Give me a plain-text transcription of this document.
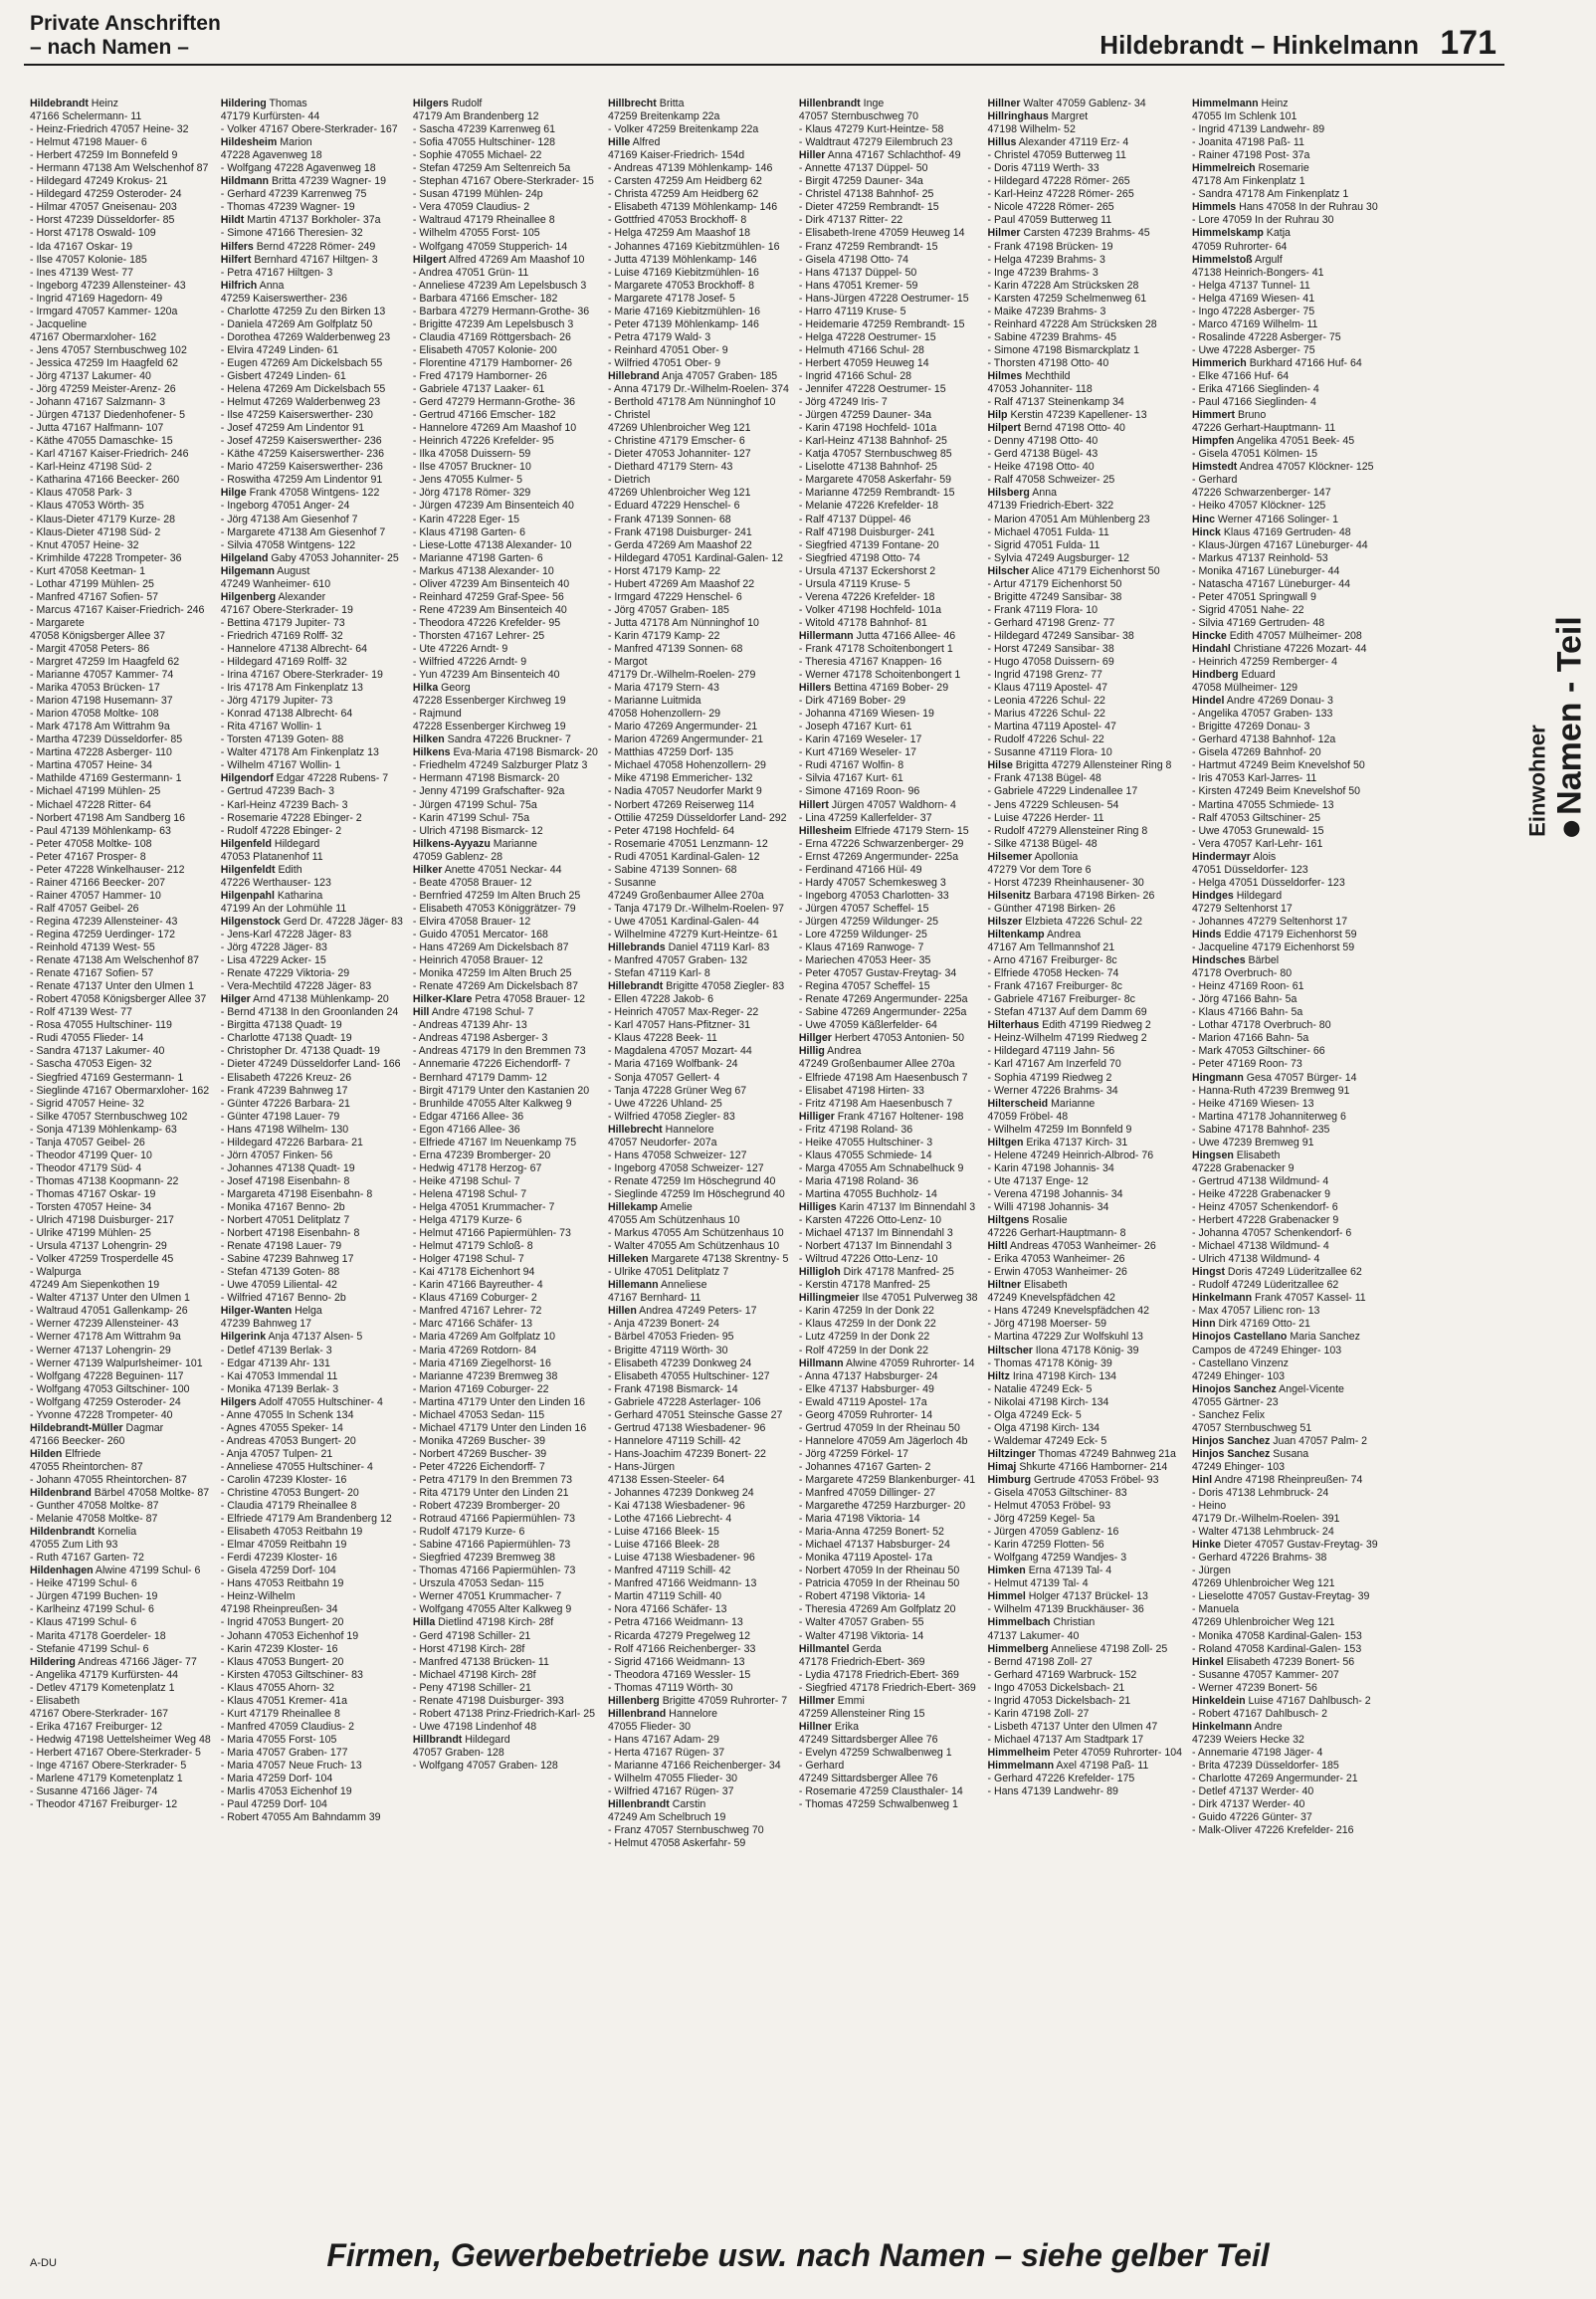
Private Anschriften
– nach Namen –	Hildebrandt – Hinkelmann 171
Hildebrandt Heinz
47166 Schelermann- 11
- Heinz-Friedrich 47057 Heine- 32
- Helmut 47198 Mauer- 6
- Herbert 47259 Im Bonnefeld 9
- Hermann 47138 Am Welschenhof 87
- Hildegard 47249 Krokus- 21
- Hildegard 47259 Osteroder- 24
- Hilmar 47057 Gneisenau- 203
- Horst 47239 Düsseldorfer- 85
- Horst 47178 Oswald- 109
- Ida 47167 Oskar- 19
- Ilse 47057 Kolonie- 185
- Ines 47139 West- 77
- Ingeborg 47239 Allensteiner- 43
- Ingrid 47169 Hagedorn- 49
- Irmgard 47057 Kammer- 120a
- Jacqueline
47167 Obermarxloher- 162
- Jens 47057 Sternbuschweg 102
- Jessica 47259 Im Haagfeld 62
- Jörg 47137 Lakumer- 40
- Jörg 47259 Meister-Arenz- 26
- Johann 47167 Salzmann- 3
- Jürgen 47137 Diedenhofener- 5
- Jutta 47167 Halfmann- 107
- Käthe 47055 Damaschke- 15
- Karl 47167 Kaiser-Friedrich- 246
- Karl-Heinz 47198 Süd- 2
- Katharina 47166 Beecker- 260
- Klaus 47058 Park- 3
- Klaus 47053 Wörth- 35
- Klaus-Dieter 47179 Kurze- 28
- Klaus-Dieter 47198 Süd- 2
- Knut 47057 Heine- 32
- Krimhilde 47228 Trompeter- 36
- Kurt 47058 Keetman- 1
- Lothar 47199 Mühlen- 25
- Manfred 47167 Sofien- 57
- Marcus 47167 Kaiser-Friedrich- 246
- Margarete
47058 Königsberger Allee 37
- Margit 47058 Peters- 86
- Margret 47259 Im Haagfeld 62
- Marianne 47057 Kammer- 74
- Marika 47053 Brücken- 17
- Marion 47198 Husemann- 37
- Marion 47058 Moltke- 108
- Mark 47178 Am Wittrahm 9a
- Martha 47239 Düsseldorfer- 85
- Martina 47228 Asberger- 110
- Martina 47057 Heine- 34
- Mathilde 47169 Gestermann- 1
- Michael 47199 Mühlen- 25
- Michael 47228 Ritter- 64
- Norbert 47198 Am Sandberg 16
- Paul 47139 Möhlenkamp- 63
- Peter 47058 Moltke- 108
- Peter 47167 Prosper- 8
- Peter 47228 Winkelhauser- 212
- Rainer 47166 Beecker- 207
- Rainer 47057 Hammer- 10
- Ralf 47057 Geibel- 26
- Regina 47239 Allensteiner- 43
- Regina 47259 Uerdinger- 172
- Reinhold 47139 West- 55
- Renate 47138 Am Welschenhof 87
- Renate 47167 Sofien- 57
- Renate 47137 Unter den Ulmen 1
- Robert 47058 Königsberger Allee 37
- Rolf 47139 West- 77
- Rosa 47055 Hultschiner- 119
- Rudi 47055 Flieder- 14
- Sandra 47137 Lakumer- 40
- Sascha 47053 Eigen- 32
- Siegfried 47169 Gestermann- 1
- Sieglinde 47167 Obermarxloher- 162
- Sigrid 47057 Heine- 32
- Silke 47057 Sternbuschweg 102
- Sonja 47139 Möhlenkamp- 63
- Tanja 47057 Geibel- 26
- Theodor 47199 Quer- 10
- Theodor 47179 Süd- 4
- Thomas 47138 Koopmann- 22
- Thomas 47167 Oskar- 19
- Torsten 47057 Heine- 34
- Ulrich 47198 Duisburger- 217
- Ulrike 47199 Mühlen- 25
- Ursula 47137 Lohengrin- 29
- Volker 47259 Trosperdelle 45
- Walpurga
47249 Am Siepenkothen 19
- Walter 47137 Unter den Ulmen 1
- Waltraud 47051 Gallenkamp- 26
- Werner 47239 Allensteiner- 43
- Werner 47178 Am Wittrahm 9a
- Werner 47137 Lohengrin- 29
- Werner 47139 Walpurlsheimer- 101
- Wolfgang 47228 Beguinen- 117
- Wolfgang 47053 Giltschiner- 100
- Wolfgang 47259 Osteroder- 24
- Yvonne 47228 Trompeter- 40
Hildebrandt-Müller Dagmar
47166 Beecker- 260
Hilden Elfriede
47055 Rheintorchen- 87
- Johann 47055 Rheintorchen- 87
Hildenbrand Bärbel 47058 Moltke- 87
- Gunther 47058 Moltke- 87
- Melanie 47058 Moltke- 87
Hildenbrandt Kornelia
47055 Zum Lith 93
- Ruth 47167 Garten- 72
Hildenhagen Alwine 47199 Schul- 6
- Heike 47199 Schul- 6
- Jürgen 47199 Buchen- 19
- Karlheinz 47199 Schul- 6
- Klaus 47199 Schul- 6
- Marita 47178 Goerdeler- 18
- Stefanie 47199 Schul- 6
Hildering Andreas 47166 Jäger- 77
- Angelika 47179 Kurfürsten- 44
- Detlev 47179 Kometenplatz 1
- Elisabeth
47167 Obere-Sterkrader- 167
- Erika 47167 Freiburger- 12
- Hedwig 47198 Uettelsheimer Weg 48
- Herbert 47167 Obere-Sterkrader- 5
- Inge 47167 Obere-Sterkrader- 5
- Marlene 47179 Kometenplatz 1
- Susanne 47166 Jäger- 74
- Theodor 47167 Freiburger- 12
Hildering Thomas
47179 Kurfürsten- 44
- Volker 47167 Obere-Sterkrader- 167
Hildesheim Marion
47228 Agavenweg 18
- Wolfgang 47228 Agavenweg 18
Hildmann Britta 47239 Wagner- 19
- Gerhard 47239 Karrenweg 75
- Thomas 47239 Wagner- 19
Hildt Martin 47137 Borkholer- 37a
- Simone 47166 Theresien- 32
Hilfers Bernd 47228 Römer- 249
Hilfert Bernhard 47167 Hiltgen- 3
- Petra 47167 Hiltgen- 3
Hilfrich Anna
47259 Kaiserswerther- 236
- Charlotte 47259 Zu den Birken 13
- Daniela 47269 Am Golfplatz 50
- Dorothea 47269 Walderbenweg 23
- Elvira 47249 Linden- 61
- Eugen 47269 Am Dickelsbach 55
- Gisbert 47249 Linden- 61
- Helena 47269 Am Dickelsbach 55
- Helmut 47269 Walderbenweg 23
- Ilse 47259 Kaiserswerther- 230
- Josef 47259 Am Lindentor 91
- Josef 47259 Kaiserswerther- 236
- Käthe 47259 Kaiserswerther- 236
- Mario 47259 Kaiserswerther- 236
- Roswitha 47259 Am Lindentor 91
Hilge Frank 47058 Wintgens- 122
- Ingeborg 47051 Anger- 24
- Jörg 47138 Am Giesenhof 7
- Margarete 47138 Am Giesenhof 7
- Silvia 47058 Wintgens- 122
Hilgeland Gaby 47053 Johanniter- 25
Hilgemann August
47249 Wanheimer- 610
Hilgenberg Alexander
47167 Obere-Sterkrader- 19
- Bettina 47179 Jupiter- 73
- Friedrich 47169 Rolff- 32
- Hannelore 47138 Albrecht- 64
- Hildegard 47169 Rolff- 32
- Irina 47167 Obere-Sterkrader- 19
- Iris 47178 Am Finkenplatz 13
- Jörg 47179 Jupiter- 73
- Konrad 47138 Albrecht- 64
- Rita 47167 Wollin- 1
- Torsten 47139 Goten- 88
- Walter 47178 Am Finkenplatz 13
- Wilhelm 47167 Wollin- 1
Hilgendorf Edgar 47228 Rubens- 7
- Gertrud 47239 Bach- 3
- Karl-Heinz 47239 Bach- 3
- Rosemarie 47228 Ebinger- 2
- Rudolf 47228 Ebinger- 2
Hilgenfeld Hildegard
47053 Platanenhof 11
Hilgenfeldt Edith
47226 Werthauser- 123
Hilgenpahl Katharina
47199 An der Lohmühle 11
Hilgenstock Gerd Dr. 47228 Jäger- 83
- Jens-Karl 47228 Jäger- 83
- Jörg 47228 Jäger- 83
- Lisa 47229 Acker- 15
- Renate 47229 Viktoria- 29
- Vera-Mechtild 47228 Jäger- 83
Hilger Arnd 47138 Mühlenkamp- 20
- Bernd 47138 In den Groonlanden 24
- Birgitta 47138 Quadt- 19
- Charlotte 47138 Quadt- 19
- Christopher Dr. 47138 Quadt- 19
- Dieter 47249 Düsseldorfer Land- 166
- Elisabeth 47226 Kreuz- 26
- Frank 47239 Bahnweg 17
- Günter 47226 Barbara- 21
- Günter 47198 Lauer- 79
- Hans 47198 Wilhelm- 130
- Hildegard 47226 Barbara- 21
- Jörn 47057 Finken- 56
- Johannes 47138 Quadt- 19
- Josef 47198 Eisenbahn- 8
- Margareta 47198 Eisenbahn- 8
- Monika 47167 Benno- 2b
- Norbert 47051 Delitplatz 7
- Norbert 47198 Eisenbahn- 8
- Renate 47198 Lauer- 79
- Sabine 47239 Bahnweg 17
- Stefan 47139 Goten- 88
- Uwe 47059 Liliental- 42
- Wilfried 47167 Benno- 2b
Hilger-Wanten Helga
47239 Bahnweg 17
Hilgerink Anja 47137 Alsen- 5
- Detlef 47139 Berlak- 3
- Edgar 47139 Ahr- 131
- Kai 47053 Immendal 11
- Monika 47139 Berlak- 3
Hilgers Adolf 47055 Hultschiner- 4
- Anne 47055 In Schenk 134
- Agnes 47055 Speker- 14
- Andreas 47053 Bungert- 20
- Anja 47057 Tulpen- 21
- Anneliese 47055 Hultschiner- 4
- Carolin 47239 Kloster- 16
- Christine 47053 Bungert- 20
- Claudia 47179 Rheinallee 8
- Elfriede 47179 Am Brandenberg 12
- Elisabeth 47053 Reitbahn 19
- Elmar 47059 Reitbahn 19
- Ferdi 47239 Kloster- 16
- Gisela 47259 Dorf- 104
- Hans 47053 Reitbahn 19
- Heinz-Wilhelm
47198 Rheinpreußen- 34
- Ingrid 47053 Bungert- 20
- Johann 47053 Eichenhof 19
- Karin 47239 Kloster- 16
- Klaus 47053 Bungert- 20
- Kirsten 47053 Giltschiner- 83
- Klaus 47055 Ahorn- 32
- Klaus 47051 Kremer- 41a
- Kurt 47179 Rheinallee 8
- Manfred 47059 Claudius- 2
- Maria 47055 Forst- 105
- Maria 47057 Graben- 177
- Maria 47057 Neue Fruch- 13
- Maria 47259 Dorf- 104
- Marlis 47053 Eichenhof 19
- Paul 47259 Dorf- 104
- Robert 47055 Am Bahndamm 39
Hilgers Rudolf
47179 Am Brandenberg 12
- Sascha 47239 Karrenweg 61
- Sofia 47055 Hultschiner- 128
- Sophie 47055 Michael- 22
- Stefan 47259 Am Seltenreich 5a
- Stephan 47167 Obere-Sterkrader- 15
- Susan 47199 Mühlen- 24p
- Vera 47059 Claudius- 2
- Waltraud 47179 Rheinallee 8
- Wilhelm 47055 Forst- 105
- Wolfgang 47059 Stupperich- 14
Hilgert Alfred 47269 Am Maashof 10
- Andrea 47051 Grün- 11
- Anneliese 47239 Am Lepelsbusch 3
- Barbara 47166 Emscher- 182
- Barbara 47279 Hermann-Grothe- 36
- Brigitte 47239 Am Lepelsbusch 3
- Claudia 47169 Röttgersbach- 26
- Elisabeth 47057 Kolonie- 200
- Florentine 47179 Hamborner- 26
- Fred 47179 Hamborner- 26
- Gabriele 47137 Laaker- 61
- Gerd 47279 Hermann-Grothe- 36
- Gertrud 47166 Emscher- 182
- Hannelore 47269 Am Maashof 10
- Heinrich 47226 Krefelder- 95
- Ilka 47058 Duissern- 59
- Ilse 47057 Bruckner- 10
- Jens 47055 Kulmer- 5
- Jörg 47178 Römer- 329
- Jürgen 47239 Am Binsenteich 40
- Karin 47228 Eger- 15
- Klaus 47198 Garten- 6
- Liese-Lotte 47138 Alexander- 10
- Marianne 47198 Garten- 6
- Markus 47138 Alexander- 10
- Oliver 47239 Am Binsenteich 40
- Reinhard 47259 Graf-Spee- 56
- Rene 47239 Am Binsenteich 40
- Theodora 47226 Krefelder- 95
- Thorsten 47167 Lehrer- 25
- Ute 47226 Arndt- 9
- Wilfried 47226 Arndt- 9
- Yun 47239 Am Binsenteich 40
Hilka Georg
47228 Essenberger Kirchweg 19
- Rajmund
47228 Essenberger Kirchweg 19
Hilken Sandra 47226 Bruckner- 7
Hilkens Eva-Maria 47198 Bismarck- 20
- Friedhelm 47249 Salzburger Platz 3
- Hermann 47198 Bismarck- 20
- Jenny 47199 Grafschafter- 92a
- Jürgen 47199 Schul- 75a
- Karin 47199 Schul- 75a
- Ulrich 47198 Bismarck- 12
Hilkens-Ayyazu Marianne
47059 Gablenz- 28
Hilker Anette 47051 Neckar- 44
- Beate 47058 Brauer- 12
- Bernfried 47259 Im Alten Bruch 25
- Elisabeth 47053 Königgrätzer- 79
- Elvira 47058 Brauer- 12
- Guido 47051 Mercator- 168
- Hans 47269 Am Dickelsbach 87
- Heinrich 47058 Brauer- 12
- Monika 47259 Im Alten Bruch 25
- Renate 47269 Am Dickelsbach 87
Hilker-Klare Petra 47058 Brauer- 12
Hill Andre 47198 Schul- 7
- Andreas 47139 Ahr- 13
- Andreas 47198 Asberger- 3
- Andreas 47179 In den Bremmen 73
- Annemarie 47226 Eichendorff- 7
- Bernhard 47179 Damm- 12
- Birgit 47179 Unter den Kastanien 20
- Brunhilde 47055 Alter Kalkweg 9
- Edgar 47166 Allee- 36
- Egon 47166 Allee- 36
- Elfriede 47167 Im Neuenkamp 75
- Erna 47239 Bromberger- 20
- Hedwig 47178 Herzog- 67
- Heike 47198 Schul- 7
- Helena 47198 Schul- 7
- Helga 47051 Krummacher- 7
- Helga 47179 Kurze- 6
- Helmut 47166 Papiermühlen- 73
- Helmut 47179 Schloß- 8
- Holger 47198 Schul- 7
- Kai 47178 Eichenhort 94
- Karin 47166 Bayreuther- 4
- Klaus 47169 Coburger- 2
- Manfred 47167 Lehrer- 72
- Marc 47166 Schäfer- 13
- Maria 47269 Am Golfplatz 10
- Maria 47269 Rotdorn- 84
- Maria 47169 Ziegelhorst- 16
- Marianne 47239 Bremweg 38
- Marion 47169 Coburger- 22
- Martina 47179 Unter den Linden 16
- Michael 47053 Sedan- 115
- Michael 47179 Unter den Linden 16
- Monika 47269 Buscher- 39
- Norbert 47269 Buscher- 39
- Peter 47226 Eichendorff- 7
- Petra 47179 In den Bremmen 73
- Rita 47179 Unter den Linden 21
- Robert 47239 Bromberger- 20
- Rotraud 47166 Papiermühlen- 73
- Rudolf 47179 Kurze- 6
- Sabine 47166 Papiermühlen- 73
- Siegfried 47239 Bremweg 38
- Thomas 47166 Papiermühlen- 73
- Urszula 47053 Sedan- 115
- Werner 47051 Krummacher- 7
- Wolfgang 47055 Alter Kalkweg 9
Hilla Dietlind 47198 Kirch- 28f
- Gerd 47198 Schiller- 21
- Horst 47198 Kirch- 28f
- Manfred 47138 Brücken- 11
- Michael 47198 Kirch- 28f
- Peny 47198 Schiller- 21
- Renate 47198 Duisburger- 393
- Robert 47138 Prinz-Friedrich-Karl- 25
- Uwe 47198 Lindenhof 48
Hillbrandt Hildegard
47057 Graben- 128
- Wolfgang 47057 Graben- 128
Hillbrecht Britta
47259 Breitenkamp 22a
- Volker 47259 Breitenkamp 22a
Hille Alfred
47169 Kaiser-Friedrich- 154d
- Andreas 47139 Möhlenkamp- 146
- Carsten 47259 Am Heidberg 62
- Christa 47259 Am Heidberg 62
- Elisabeth 47139 Möhlenkamp- 146
- Gottfried 47053 Brockhoff- 8
- Helga 47259 Am Maashof 18
- Johannes 47169 Kiebitzmühlen- 16
- Jutta 47139 Möhlenkamp- 146
- Luise 47169 Kiebitzmühlen- 16
- Margarete 47053 Brockhoff- 8
- Margarete 47178 Josef- 5
- Marie 47169 Kiebitzmühlen- 16
- Peter 47139 Möhlenkamp- 146
- Petra 47179 Wald- 3
- Reinhard 47051 Ober- 9
- Wilfried 47051 Ober- 9
Hillebrand Anja 47057 Graben- 185
- Anna 47179 Dr.-Wilhelm-Roelen- 374
- Berthold 47178 Am Nünninghof 10
- Christel
47269 Uhlenbroicher Weg 121
- Christine 47179 Emscher- 6
- Dieter 47053 Johanniter- 127
- Diethard 47179 Stern- 43
- Dietrich
47269 Uhlenbroicher Weg 121
- Eduard 47229 Henschel- 6
- Frank 47139 Sonnen- 68
- Frank 47198 Duisburger- 241
- Gerda 47269 Am Maashof 22
- Hildegard 47051 Kardinal-Galen- 12
- Horst 47179 Kamp- 22
- Hubert 47269 Am Maashof 22
- Irmgard 47229 Henschel- 6
- Jörg 47057 Graben- 185
- Jutta 47178 Am Nünninghof 10
- Karin 47179 Kamp- 22
- Manfred 47139 Sonnen- 68
- Margot
47179 Dr.-Wilhelm-Roelen- 279
- Maria 47179 Stern- 43
- Marianne Luitmida
47058 Hohenzollern- 29
- Mario 47269 Angermunder- 21
- Marion 47269 Angermunder- 21
- Matthias 47259 Dorf- 135
- Michael 47058 Hohenzollern- 29
- Mike 47198 Emmericher- 132
- Nadia 47057 Neudorfer Markt 9
- Norbert 47269 Reiserweg 114
- Ottilie 47259 Düsseldorfer Land- 292
- Peter 47198 Hochfeld- 64
- Rosemarie 47051 Lenzmann- 12
- Rudi 47051 Kardinal-Galen- 12
- Sabine 47139 Sonnen- 68
- Susanne
47249 Großenbaumer Allee 270a
- Tanja 47179 Dr.-Wilhelm-Roelen- 97
- Uwe 47051 Kardinal-Galen- 44
- Wilhelmine 47279 Kurt-Heintze- 61
Hillebrands Daniel 47119 Karl- 83
- Manfred 47057 Graben- 132
- Stefan 47119 Karl- 8
Hillebrandt Brigitte 47058 Ziegler- 83
- Ellen 47228 Jakob- 6
- Heinrich 47057 Max-Reger- 22
- Karl 47057 Hans-Pfitzner- 31
- Klaus 47228 Beek- 11
- Magdalena 47057 Mozart- 44
- Maria 47169 Wolfbank- 24
- Sonja 47057 Gellert- 4
- Tanja 47228 Grüner Weg 67
- Uwe 47226 Uhland- 25
- Wilfried 47058 Ziegler- 83
Hillebrecht Hannelore
47057 Neudorfer- 207a
- Hans 47058 Schweizer- 127
- Ingeborg 47058 Schweizer- 127
- Renate 47259 Im Höschegrund 40
- Sieglinde 47259 Im Höschegrund 40
Hillekamp Amelie
47055 Am Schützenhaus 10
- Markus 47055 Am Schützenhaus 10
- Walter 47055 Am Schützenhaus 10
Hilleken Margarete 47138 Skrentny- 5
- Ulrike 47051 Delitplatz 7
Hillemann Anneliese
47167 Bernhard- 11
Hillen Andrea 47249 Peters- 17
- Anja 47239 Bonert- 24
- Bärbel 47053 Frieden- 95
- Brigitte 47119 Wörth- 30
- Elisabeth 47239 Donkweg 24
- Elisabeth 47055 Hultschiner- 127
- Frank 47198 Bismarck- 14
- Gabriele 47228 Asterlager- 106
- Gerhard 47051 Steinsche Gasse 27
- Gertrud 47138 Wiesbadener- 96
- Hannelore 47119 Schill- 42
- Hans-Joachim 47239 Bonert- 22
- Hans-Jürgen
47138 Essen-Steeler- 64
- Johannes 47239 Donkweg 24
- Kai 47138 Wiesbadener- 96
- Lothe 47166 Liebrecht- 4
- Luise 47166 Bleek- 15
- Luise 47166 Bleek- 28
- Luise 47138 Wiesbadener- 96
- Manfred 47119 Schill- 42
- Manfred 47166 Weidmann- 13
- Martin 47119 Schill- 40
- Nora 47166 Schäfer- 13
- Petra 47166 Weidmann- 13
- Ricarda 47279 Pregelweg 12
- Rolf 47166 Reichenberger- 33
- Sigrid 47166 Weidmann- 13
- Theodora 47169 Wessler- 15
- Thomas 47119 Wörth- 30
Hillenberg Brigitte 47059 Ruhrorter- 7
Hillenbrand Hannelore
47055 Flieder- 30
- Hans 47167 Adam- 29
- Herta 47167 Rügen- 37
- Marianne 47166 Reichenberger- 34
- Wilhelm 47055 Flieder- 30
- Wilfried 47167 Rügen- 37
Hillenbrandt Carstin
47249 Am Schelbruch 19
- Franz 47057 Sternbuschweg 70
- Helmut 47058 Askerfahr- 59
Hillenbrandt Inge
47057 Sternbuschweg 70
- Klaus 47279 Kurt-Heintze- 58
- Waldtraut 47279 Eilembruch 23
Hiller Anna 47167 Schlachthof- 49
- Annette 47137 Düppel- 50
- Birgit 47259 Dauner- 34a
- Christel 47138 Bahnhof- 25
- Dieter 47259 Rembrandt- 15
- Dirk 47137 Ritter- 22
- Elisabeth-Irene 47059 Heuweg 14
- Franz 47259 Rembrandt- 15
- Gisela 47198 Otto- 74
- Hans 47137 Düppel- 50
- Hans 47051 Kremer- 59
- Hans-Jürgen 47228 Oestrumer- 15
- Harro 47119 Kruse- 5
- Heidemarie 47259 Rembrandt- 15
- Helga 47228 Oestrumer- 15
- Helmuth 47166 Schul- 28
- Herbert 47059 Heuweg 14
- Ingrid 47166 Schul- 28
- Jennifer 47228 Oestrumer- 15
- Jörg 47249 Iris- 7
- Jürgen 47259 Dauner- 34a
- Karin 47198 Hochfeld- 101a
- Karl-Heinz 47138 Bahnhof- 25
- Katja 47057 Sternbuschweg 85
- Liselotte 47138 Bahnhof- 25
- Margarete 47058 Askerfahr- 59
- Marianne 47259 Rembrandt- 15
- Melanie 47226 Krefelder- 18
- Ralf 47137 Düppel- 46
- Ralf 47198 Duisburger- 241
- Siegfried 47139 Fontane- 20
- Siegfried 47198 Otto- 74
- Ursula 47137 Eckershorst 2
- Ursula 47119 Kruse- 5
- Verena 47226 Krefelder- 18
- Volker 47198 Hochfeld- 101a
- Witold 47178 Bahnhof- 81
Hillermann Jutta 47166 Allee- 46
- Frank 47178 Schoitenbongert 1
- Theresia 47167 Knappen- 16
- Werner 47178 Schoitenbongert 1
Hillers Bettina 47169 Bober- 29
- Dirk 47169 Bober- 29
- Johanna 47169 Wiesen- 19
- Joseph 47167 Kurt- 61
- Karin 47169 Weseler- 17
- Kurt 47169 Weseler- 17
- Rudi 47167 Wolfin- 8
- Silvia 47167 Kurt- 61
- Simone 47169 Roon- 96
Hillert Jürgen 47057 Waldhorn- 4
- Lina 47259 Kallerfelder- 37
Hillesheim Elfriede 47179 Stern- 15
- Erna 47226 Schwarzenberger- 29
- Ernst 47269 Angermunder- 225a
- Ferdinand 47166 Hül- 49
- Hardy 47057 Schemkesweg 3
- Ingeborg 47053 Charlotten- 33
- Jürgen 47057 Scheffel- 15
- Jürgen 47259 Wildunger- 25
- Lore 47259 Wildunger- 25
- Klaus 47169 Ranwoge- 7
- Mariechen 47053 Heer- 35
- Peter 47057 Gustav-Freytag- 34
- Regina 47057 Scheffel- 15
- Renate 47269 Angermunder- 225a
- Sabine 47269 Angermunder- 225a
- Uwe 47059 Käßlerfelder- 64
Hillger Herbert 47053 Antonien- 50
Hillig Andrea
47249 Großenbaumer Allee 270a
- Elfriede 47198 Am Haesenbusch 7
- Elisabet 47198 Hirten- 33
- Fritz 47198 Am Haesenbusch 7
Hilliger Frank 47167 Holtener- 198
- Fritz 47198 Roland- 36
- Heike 47055 Hultschiner- 3
- Klaus 47055 Schmiede- 14
- Marga 47055 Am Schnabelhuck 9
- Maria 47198 Roland- 36
- Martina 47055 Buchholz- 14
Hilliges Karin 47137 Im Binnendahl 3
- Karsten 47226 Otto-Lenz- 10
- Michael 47137 Im Binnendahl 3
- Norbert 47137 Im Binnendahl 3
- Wiltrud 47226 Otto-Lenz- 10
Hilligloh Dirk 47178 Manfred- 25
- Kerstin 47178 Manfred- 25
Hillingmeier Ilse 47051 Pulverweg 38
- Karin 47259 In der Donk 22
- Klaus 47259 In der Donk 22
- Lutz 47259 In der Donk 22
- Rolf 47259 In der Donk 22
Hillmann Alwine 47059 Ruhrorter- 14
- Anna 47137 Habsburger- 24
- Elke 47137 Habsburger- 49
- Ewald 47119 Apostel- 17a
- Georg 47059 Ruhrorter- 14
- Gertrud 47059 In der Rheinau 50
- Hannelore 47059 Am Jägerloch 4b
- Jörg 47259 Förkel- 17
- Johannes 47167 Garten- 2
- Margarete 47259 Blankenburger- 41
- Manfred 47059 Dillinger- 27
- Margarethe 47259 Harzburger- 20
- Maria 47198 Viktoria- 14
- Maria-Anna 47259 Bonert- 52
- Michael 47137 Habsburger- 24
- Monika 47119 Apostel- 17a
- Norbert 47059 In der Rheinau 50
- Patricia 47059 In der Rheinau 50
- Robert 47198 Viktoria- 14
- Theresia 47269 Am Golfplatz 20
- Walter 47057 Graben- 55
- Walter 47198 Viktoria- 14
Hillmantel Gerda
47178 Friedrich-Ebert- 369
- Lydia 47178 Friedrich-Ebert- 369
- Siegfried 47178 Friedrich-Ebert- 369
Hillmer Emmi
47259 Allensteiner Ring 15
Hillner Erika
47249 Sittardsberger Allee 76
- Evelyn 47259 Schwalbenweg 1
- Gerhard
47249 Sittardsberger Allee 76
- Rosemarie 47259 Clausthaler- 14
- Thomas 47259 Schwalbenweg 1
Hillner Walter 47059 Gablenz- 34
Hillringhaus Margret
47198 Wilhelm- 52
Hillus Alexander 47119 Erz- 4
- Christel 47059 Butterweg 11
- Doris 47119 Werth- 33
- Hildegard 47228 Römer- 265
- Karl-Heinz 47228 Römer- 265
- Nicole 47228 Römer- 265
- Paul 47059 Butterweg 11
Hilmer Carsten 47239 Brahms- 45
- Frank 47198 Brücken- 19
- Helga 47239 Brahms- 3
- Inge 47239 Brahms- 3
- Karin 47228 Am Strücksken 28
- Karsten 47259 Schelmenweg 61
- Maike 47239 Brahms- 3
- Reinhard 47228 Am Strücksken 28
- Sabine 47239 Brahms- 45
- Simone 47198 Bismarckplatz 1
- Thorsten 47198 Otto- 40
Hilmes Mechthild
47053 Johanniter- 118
- Ralf 47137 Steinenkamp 34
Hilp Kerstin 47239 Kapellener- 13
Hilpert Bernd 47198 Otto- 40
- Denny 47198 Otto- 40
- Gerd 47138 Bügel- 43
- Heike 47198 Otto- 40
- Ralf 47058 Schweizer- 25
Hilsberg Anna
47139 Friedrich-Ebert- 322
- Marion 47051 Am Mühlenberg 23
- Michael 47051 Fulda- 11
- Sigrid 47051 Fulda- 11
- Sylvia 47249 Augsburger- 12
Hilscher Alice 47179 Eichenhorst 50
- Artur 47179 Eichenhorst 50
- Brigitte 47249 Sansibar- 38
- Frank 47119 Flora- 10
- Gerhard 47198 Grenz- 77
- Hildegard 47249 Sansibar- 38
- Horst 47249 Sansibar- 38
- Hugo 47058 Duissern- 69
- Ingrid 47198 Grenz- 77
- Klaus 47119 Apostel- 47
- Leonia 47226 Schul- 22
- Marius 47226 Schul- 22
- Martina 47119 Apostel- 47
- Rudolf 47226 Schul- 22
- Susanne 47119 Flora- 10
Hilse Brigitta 47279 Allensteiner Ring 8
- Frank 47138 Bügel- 48
- Gabriele 47229 Lindenallee 17
- Jens 47229 Schleusen- 54
- Luise 47226 Herder- 11
- Rudolf 47279 Allensteiner Ring 8
- Silke 47138 Bügel- 48
Hilsemer Apollonia
47279 Vor dem Tore 6
- Horst 47239 Rheinhausener- 30
Hilsenitz Barbara 47198 Birken- 26
- Günther 47198 Birken- 26
Hilszer Elzbieta 47226 Schul- 22
Hiltenkamp Andrea
47167 Am Tellmannshof 21
- Arno 47167 Freiburger- 8c
- Elfriede 47058 Hecken- 74
- Frank 47167 Freiburger- 8c
- Gabriele 47167 Freiburger- 8c
- Stefan 47137 Auf dem Damm 69
Hilterhaus Edith 47199 Riedweg 2
- Heinz-Wilhelm 47199 Riedweg 2
- Hildegard 47119 Jahn- 56
- Karl 47167 Am Inzerfeld 70
- Sophia 47199 Riedweg 2
- Werner 47226 Brahms- 34
Hilterscheid Marianne
47059 Fröbel- 48
- Wilhelm 47259 Im Bonnfeld 9
Hiltgen Erika 47137 Kirch- 31
- Helene 47249 Heinrich-Albrod- 76
- Karin 47198 Johannis- 34
- Ute 47137 Enge- 12
- Verena 47198 Johannis- 34
- Willi 47198 Johannis- 34
Hiltgens Rosalie
47226 Gerhart-Hauptmann- 8
Hiltl Andreas 47053 Wanheimer- 26
- Erika 47053 Wanheimer- 26
- Erwin 47053 Wanheimer- 26
Hiltner Elisabeth
47249 Knevelspfädchen 42
- Hans 47249 Knevelspfädchen 42
- Jörg 47198 Moerser- 59
- Martina 47229 Zur Wolfskuhl 13
Hiltscher Ilona 47178 König- 39
- Thomas 47178 König- 39
Hiltz Irina 47198 Kirch- 134
- Natalie 47249 Eck- 5
- Nikolai 47198 Kirch- 134
- Olga 47249 Eck- 5
- Olga 47198 Kirch- 134
- Waldemar 47249 Eck- 5
Hiltzinger Thomas 47249 Bahnweg 21a
Himaj Shkurte 47166 Hamborner- 214
Himburg Gertrude 47053 Fröbel- 93
- Gisela 47053 Giltschiner- 83
- Helmut 47053 Fröbel- 93
- Jörg 47259 Kegel- 5a
- Jürgen 47059 Gablenz- 16
- Karin 47259 Flotten- 56
- Wolfgang 47259 Wandjes- 3
Himken Erna 47139 Tal- 4
- Helmut 47139 Tal- 4
Himmel Holger 47137 Brückel- 13
- Wilhelm 47139 Bruckhäuser- 36
Himmelbach Christian
47137 Lakumer- 40
Himmelberg Anneliese 47198 Zoll- 25
- Bernd 47198 Zoll- 27
- Gerhard 47169 Warbruck- 152
- Ingo 47053 Dickelsbach- 21
- Ingrid 47053 Dickelsbach- 21
- Karin 47198 Zoll- 27
- Lisbeth 47137 Unter den Ulmen 47
- Michael 47137 Am Stadtpark 17
Himmelheim Peter 47059 Ruhrorter- 104
Himmelmann Axel 47198 Paß- 11
- Gerhard 47226 Krefelder- 175
- Hans 47139 Landwehr- 89
Himmelmann Heinz
47055 Im Schlenk 101
- Ingrid 47139 Landwehr- 89
- Joanita 47198 Paß- 11
- Rainer 47198 Post- 37a
Himmelreich Rosemarie
47178 Am Finkenplatz 1
- Sandra 47178 Am Finkenplatz 1
Himmels Hans 47058 In der Ruhrau 30
- Lore 47059 In der Ruhrau 30
Himmelskamp Katja
47059 Ruhrorter- 64
Himmelstoß Argulf
47138 Heinrich-Bongers- 41
- Helga 47137 Tunnel- 11
- Helga 47169 Wiesen- 41
- Ingo 47228 Asberger- 75
- Marco 47169 Wilhelm- 11
- Rosalinde 47228 Asberger- 75
- Uwe 47228 Asberger- 75
Himmerich Burkhard 47166 Huf- 64
- Elke 47166 Huf- 64
- Erika 47166 Sieglinden- 4
- Paul 47166 Sieglinden- 4
Himmert Bruno
47226 Gerhart-Hauptmann- 11
Himpfen Angelika 47051 Beek- 45
- Gisela 47051 Kölmen- 15
Himstedt Andrea 47057 Klöckner- 125
- Gerhard
47226 Schwarzenberger- 147
- Heiko 47057 Klöckner- 125
Hinc Werner 47166 Solinger- 1
Hinck Klaus 47169 Gertruden- 48
- Klaus-Jürgen 47167 Lüneburger- 44
- Markus 47137 Reinhold- 53
- Monika 47167 Lüneburger- 44
- Natascha 47167 Lüneburger- 44
- Peter 47051 Springwall 9
- Sigrid 47051 Nahe- 22
- Silvia 47169 Gertruden- 48
Hincke Edith 47057 Mülheimer- 208
Hindahl Christiane 47226 Mozart- 44
- Heinrich 47259 Remberger- 4
Hindberg Eduard
47058 Mülheimer- 129
Hindel Andre 47269 Donau- 3
- Angelika 47057 Graben- 133
- Brigitte 47269 Donau- 3
- Gerhard 47138 Bahnhof- 12a
- Gisela 47269 Bahnhof- 20
- Hartmut 47249 Beim Knevelshof 50
- Iris 47053 Karl-Jarres- 11
- Kirsten 47249 Beim Knevelshof 50
- Martina 47055 Schmiede- 13
- Ralf 47053 Giltschiner- 25
- Uwe 47053 Grunewald- 15
- Vera 47057 Karl-Lehr- 161
Hindermayr Alois
47051 Düsseldorfer- 123
- Helga 47051 Düsseldorfer- 123
Hindges Hildegard
47279 Seltenhorst 17
- Johannes 47279 Seltenhorst 17
Hinds Eddie 47179 Eichenhorst 59
- Jacqueline 47179 Eichenhorst 59
Hindsches Bärbel
47178 Overbruch- 80
- Heinz 47169 Roon- 61
- Jörg 47166 Bahn- 5a
- Klaus 47166 Bahn- 5a
- Lothar 47178 Overbruch- 80
- Marion 47166 Bahn- 5a
- Mark 47053 Giltschiner- 66
- Peter 47169 Roon- 73
Hingmann Gesa 47057 Bürger- 14
- Hanna-Ruth 47239 Bremweg 91
- Heike 47169 Wiesen- 13
- Martina 47178 Johanniterweg 6
- Sabine 47178 Bahnhof- 235
- Uwe 47239 Bremweg 91
Hingsen Elisabeth
47228 Grabenacker 9
- Gertrud 47138 Wildmund- 4
- Heike 47228 Grabenacker 9
- Heinz 47057 Schenkendorf- 6
- Herbert 47228 Grabenacker 9
- Johanna 47057 Schenkendorf- 6
- Michael 47138 Wildmund- 4
- Ulrich 47138 Wildmund- 4
Hingst Doris 47249 Lüderitzallee 62
- Rudolf 47249 Lüderitzallee 62
Hinkelmann Frank 47057 Kassel- 11
- Max 47057 Lilienc ron- 13
Hinn Dirk 47169 Otto- 21
Hinojos Castellano Maria Sanchez
Campos de 47249 Ehinger- 103
- Castellano Vinzenz
47249 Ehinger- 103
Hinojos Sanchez Angel-Vicente
47055 Gärtner- 23
- Sanchez Felix
47057 Sternbuschweg 51
Hinjos Sanchez Juan 47057 Palm- 2
Hinjos Sanchez Susana
47249 Ehinger- 103
Hinl Andre 47198 Rheinpreußen- 74
- Doris 47138 Lehmbruck- 24
- Heino
47179 Dr.-Wilhelm-Roelen- 391
- Walter 47138 Lehmbruck- 24
Hinke Dieter 47057 Gustav-Freytag- 39
- Gerhard 47226 Brahms- 38
- Jürgen
47269 Uhlenbroicher Weg 121
- Lieselotte 47057 Gustav-Freytag- 39
- Manuela
47269 Uhlenbroicher Weg 121
- Monika 47058 Kardinal-Galen- 153
- Roland 47058 Kardinal-Galen- 153
Hinkel Elisabeth 47239 Bonert- 56
- Susanne 47057 Kammer- 207
- Werner 47239 Bonert- 56
Hinkeldein Luise 47167 Dahlbusch- 2
- Robert 47167 Dahlbusch- 2
Hinkelmann Andre
47239 Weiers Hecke 32
- Annemarie 47198 Jäger- 4
- Brita 47239 Düsseldorfer- 185
- Charlotte 47269 Angermunder- 21
- Detlef 47137 Werder- 40
- Dirk 47137 Werder- 40
- Guido 47226 Günter- 37
- Malk-Oliver 47226 Krefelder- 216
Einwohner Namen - Teil
A-DU	Firmen, Gewerbebetriebe usw. nach Namen – siehe gelber Teil
